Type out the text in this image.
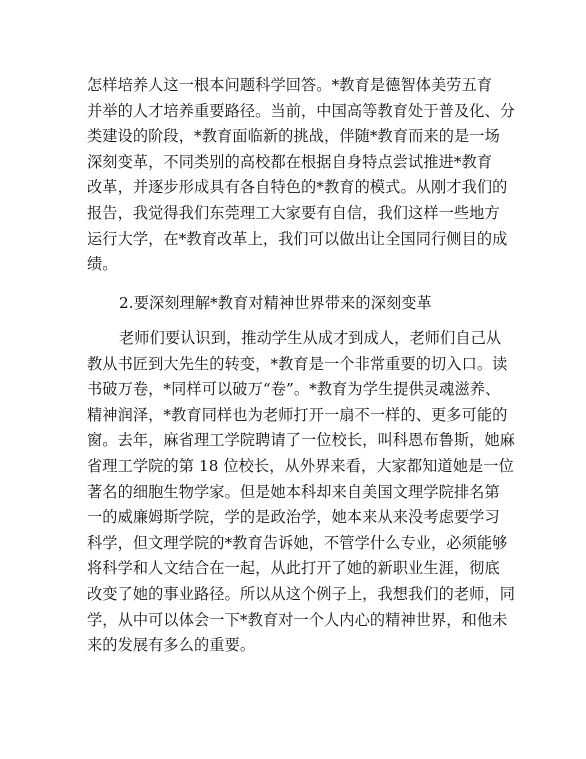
怎样培养人这一根本问题科学回答。*教育是德智体美劳五育
并举的人才培养重要路径。当前，中国高等教育处于普及化、分
类建设的阶段，*教育面临新的挑战，伴随*教育而来的是一场
深刻变革，不同类别的高校都在根据自身特点尝试推进*教育
改革，并逐步形成具有各自特色的*教育的模式。从刚才我们的
报告，我觉得我们东莞理工大家要有自信，我们这样一些地方
运行大学，在*教育改革上，我们可以做出让全国同行侧目的成
绩。
2.要深刻理解*教育对精神世界带来的深刻变革
老师们要认识到，推动学生从成才到成人，老师们自己从
教从书匠到大先生的转变，*教育是一个非常重要的切入口。读
书破万卷，*同样可以破万“卷”。*教育为学生提供灵魂滋养、
精神润泽，*教育同样也为老师打开一扇不一样的、更多可能的
窗。去年，麻省理工学院聘请了一位校长，叫科恩布鲁斯，她麻
省理工学院的第 18 位校长，从外界来看，大家都知道她是一位
著名的细胞生物学家。但是她本科却来自美国文理学院排名第
一的威廉姆斯学院，学的是政治学，她本来从来没考虑要学习
科学，但文理学院的*教育告诉她，不管学什么专业，必须能够
将科学和人文结合在一起，从此打开了她的新职业生涯，彻底
改变了她的事业路径。所以从这个例子上，我想我们的老师，同
学，从中可以体会一下*教育对一个人内心的精神世界，和他未
来的发展有多么的重要。
